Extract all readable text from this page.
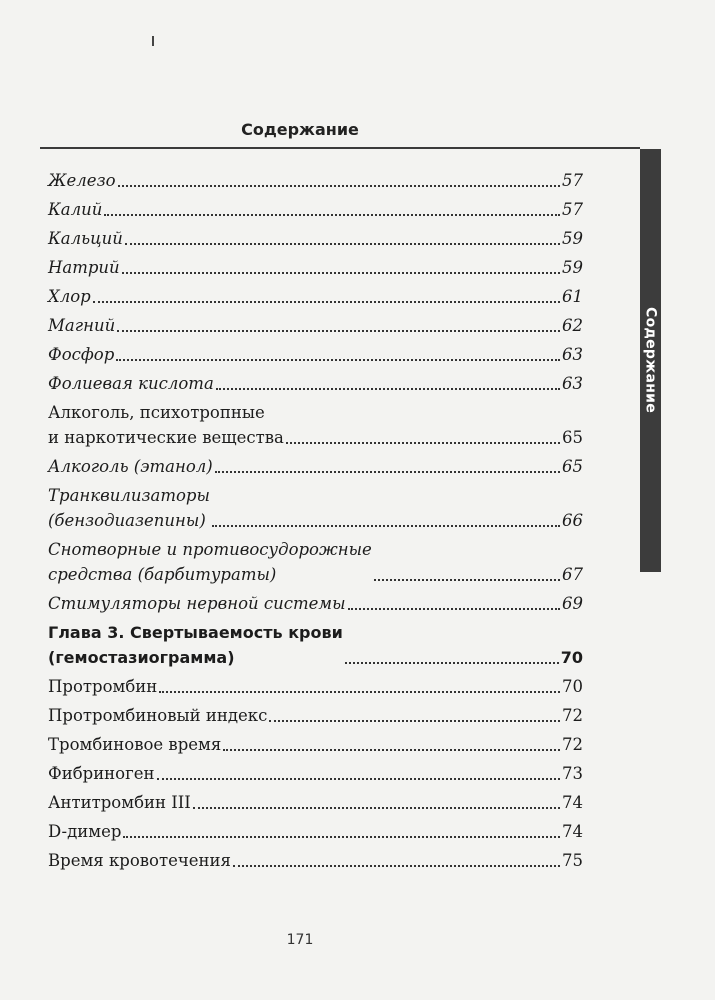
Содержание
Содержание
Железо	57
Калий	57
Кальций	59
Натрий	59
Хлор	61
Магний	62
Фосфор	63
Фолиевая кислота	63
Алкоголь, психотропные
и наркотические вещества	65
Алкоголь (этанол)	65
Транквилизаторы
(бензодиазепины)	66
Снотворные и противосудорожные
средства (барбитураты)	67
Стимуляторы нервной системы	69
Глава 3. Свертываемость крови
(гемостазиограмма)	70
Протромбин	70
Протромбиновый индекс	72
Тромбиновое время	72
Фибриноген	73
Антитромбин III	74
D-димер	74
Время кровотечения	75
171
